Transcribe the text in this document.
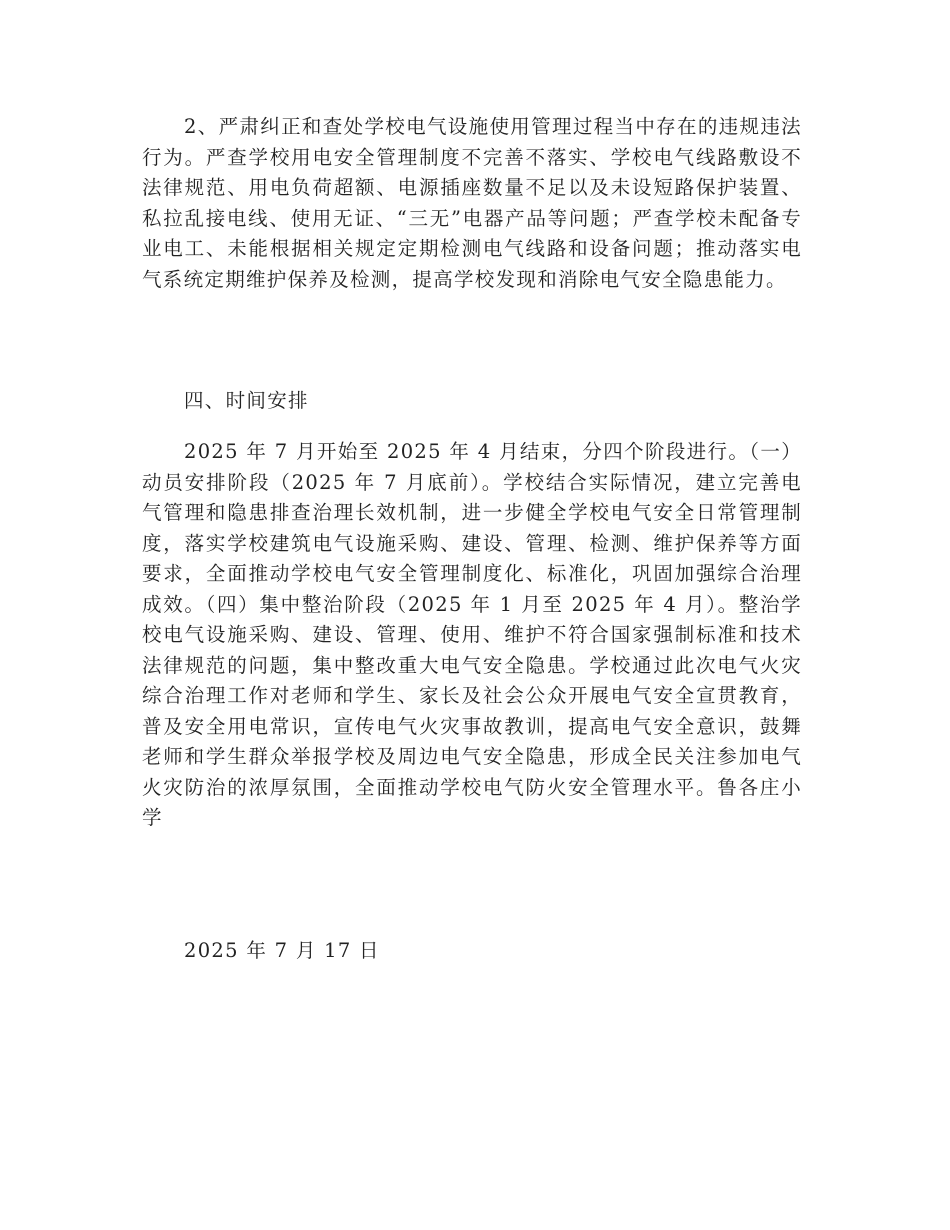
2、严肃纠正和查处学校电气设施使用管理过程当中存在的违规违法行为。严查学校用电安全管理制度不完善不落实、学校电气线路敷设不法律规范、用电负荷超额、电源插座数量不足以及未设短路保护装置、私拉乱接电线、使用无证、“三无”电器产品等问题；严查学校未配备专业电工、未能根据相关规定定期检测电气线路和设备问题；推动落实电气系统定期维护保养及检测，提高学校发现和消除电气安全隐患能力。

四、时间安排

2025 年 7 月开始至 2025 年 4 月结束，分四个阶段进行。（一）动员安排阶段（2025 年 7 月底前）。学校结合实际情况，建立完善电气管理和隐患排查治理长效机制，进一步健全学校电气安全日常管理制度，落实学校建筑电气设施采购、建设、管理、检测、维护保养等方面要求，全面推动学校电气安全管理制度化、标准化，巩固加强综合治理成效。（四）集中整治阶段（2025 年 1 月至 2025 年 4 月）。整治学校电气设施采购、建设、管理、使用、维护不符合国家强制标准和技术法律规范的问题，集中整改重大电气安全隐患。学校通过此次电气火灾综合治理工作对老师和学生、家长及社会公众开展电气安全宣贯教育，普及安全用电常识，宣传电气火灾事故教训，提高电气安全意识，鼓舞老师和学生群众举报学校及周边电气安全隐患，形成全民关注参加电气火灾防治的浓厚氛围，全面推动学校电气防火安全管理水平。鲁各庄小学

2025 年 7 月 17 日
